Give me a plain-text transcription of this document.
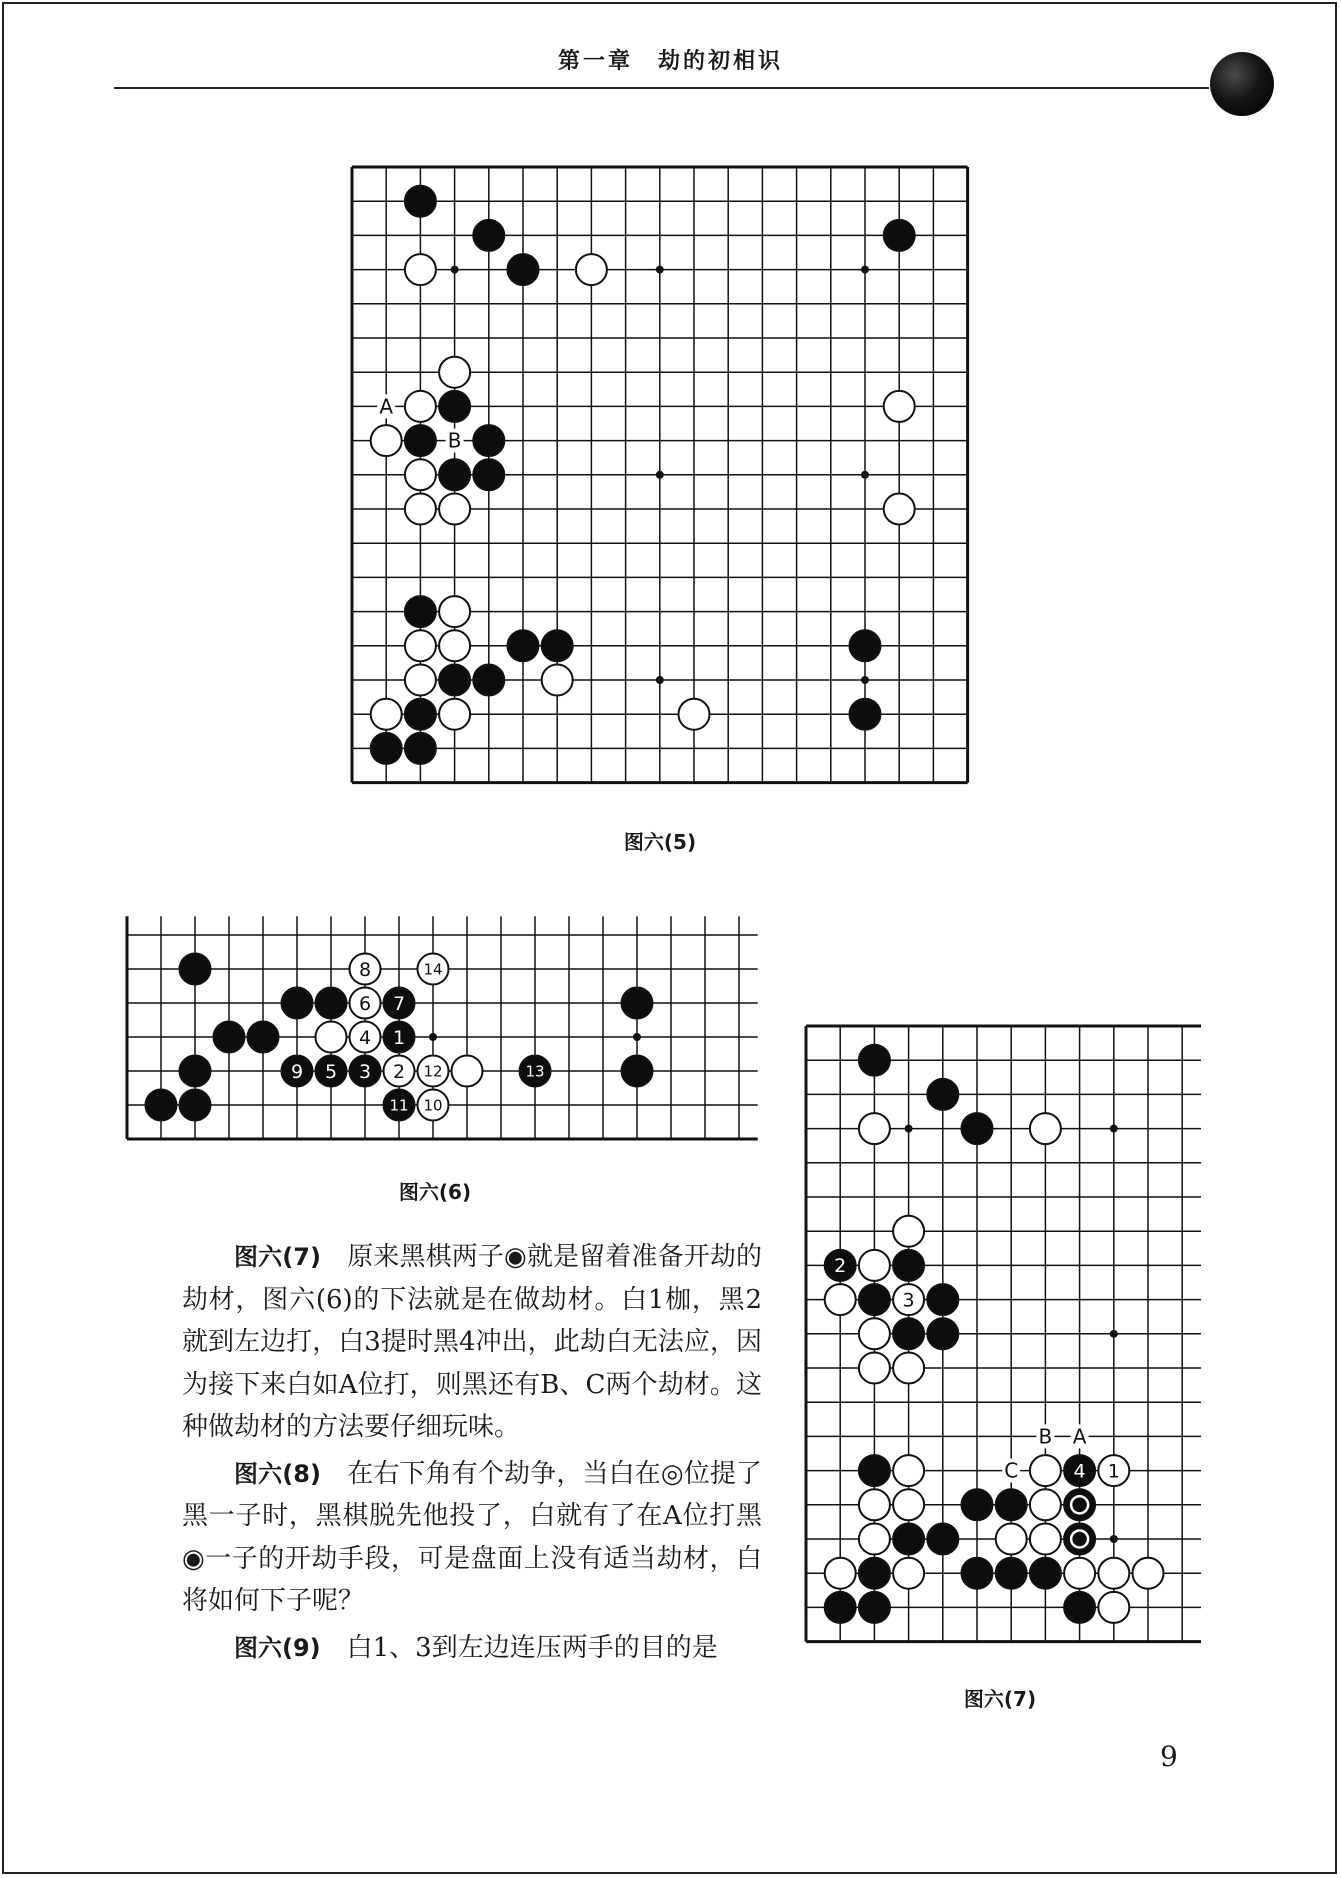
第一章　劫的初相识
A
B
图六(5)
8	14
6 7
4 1
9 5 3 2 12	13
11 10
图六(6)
B A
C
2
3
4 1
图六(7)

图六(7)　原来黑棋两子◉就是留着准备开劫的劫材，图六(6)的下法就是在做劫材。白1枷，黑2就到左边打，白3提时黑4冲出，此劫白无法应，因为接下来白如A位打，则黑还有B、C两个劫材。这种做劫材的方法要仔细玩味。

图六(8)　在右下角有个劫争，当白在◎位提了黑一子时，黑棋脱先他投了，白就有了在A位打黑◉一子的开劫手段，可是盘面上没有适当劫材，白将如何下子呢？

图六(9)　白1、3到左边连压两手的目的是

9
